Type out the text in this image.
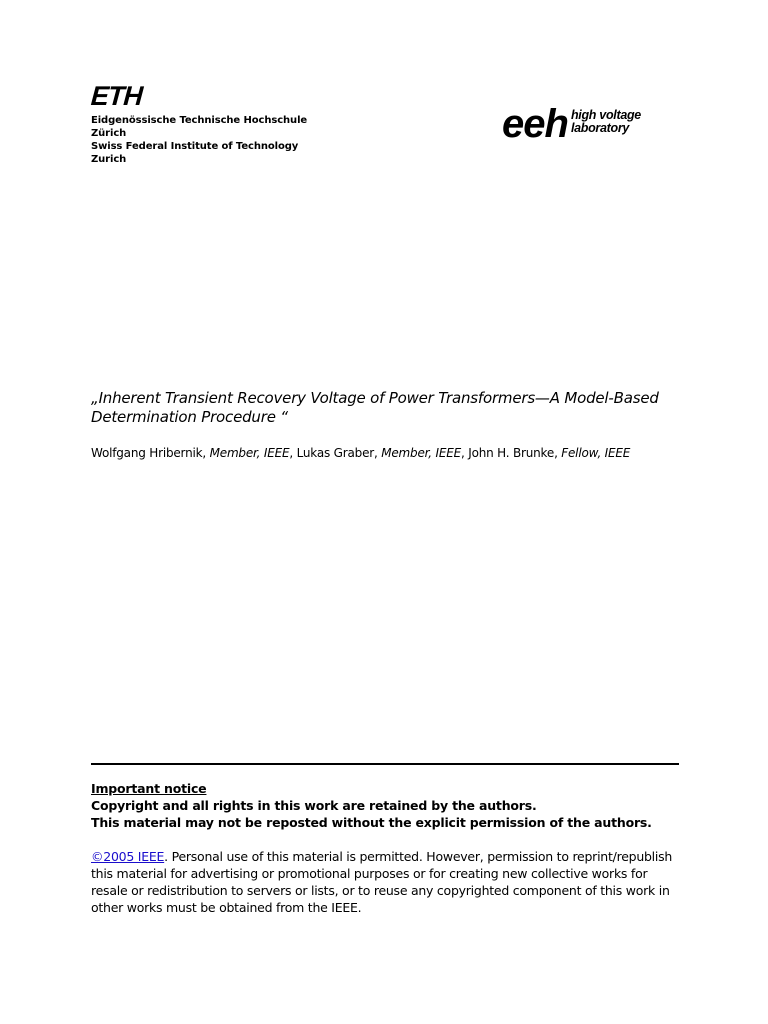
ETH
Eidgenössische Technische Hochschule Zürich
Swiss Federal Institute of Technology Zurich
eeh high voltage
laboratory
„Inherent Transient Recovery Voltage of Power Transformers—A Model-Based Determination Procedure “
Wolfgang Hribernik, Member, IEEE, Lukas Graber, Member, IEEE, John H. Brunke, Fellow, IEEE
Important notice
Copyright and all rights in this work are retained by the authors.
This material may not be reposted without the explicit permission of the authors.
©2005 IEEE. Personal use of this material is permitted. However, permission to reprint/republish this material for advertising or promotional purposes or for creating new collective works for resale or redistribution to servers or lists, or to reuse any copyrighted component of this work in other works must be obtained from the IEEE.
